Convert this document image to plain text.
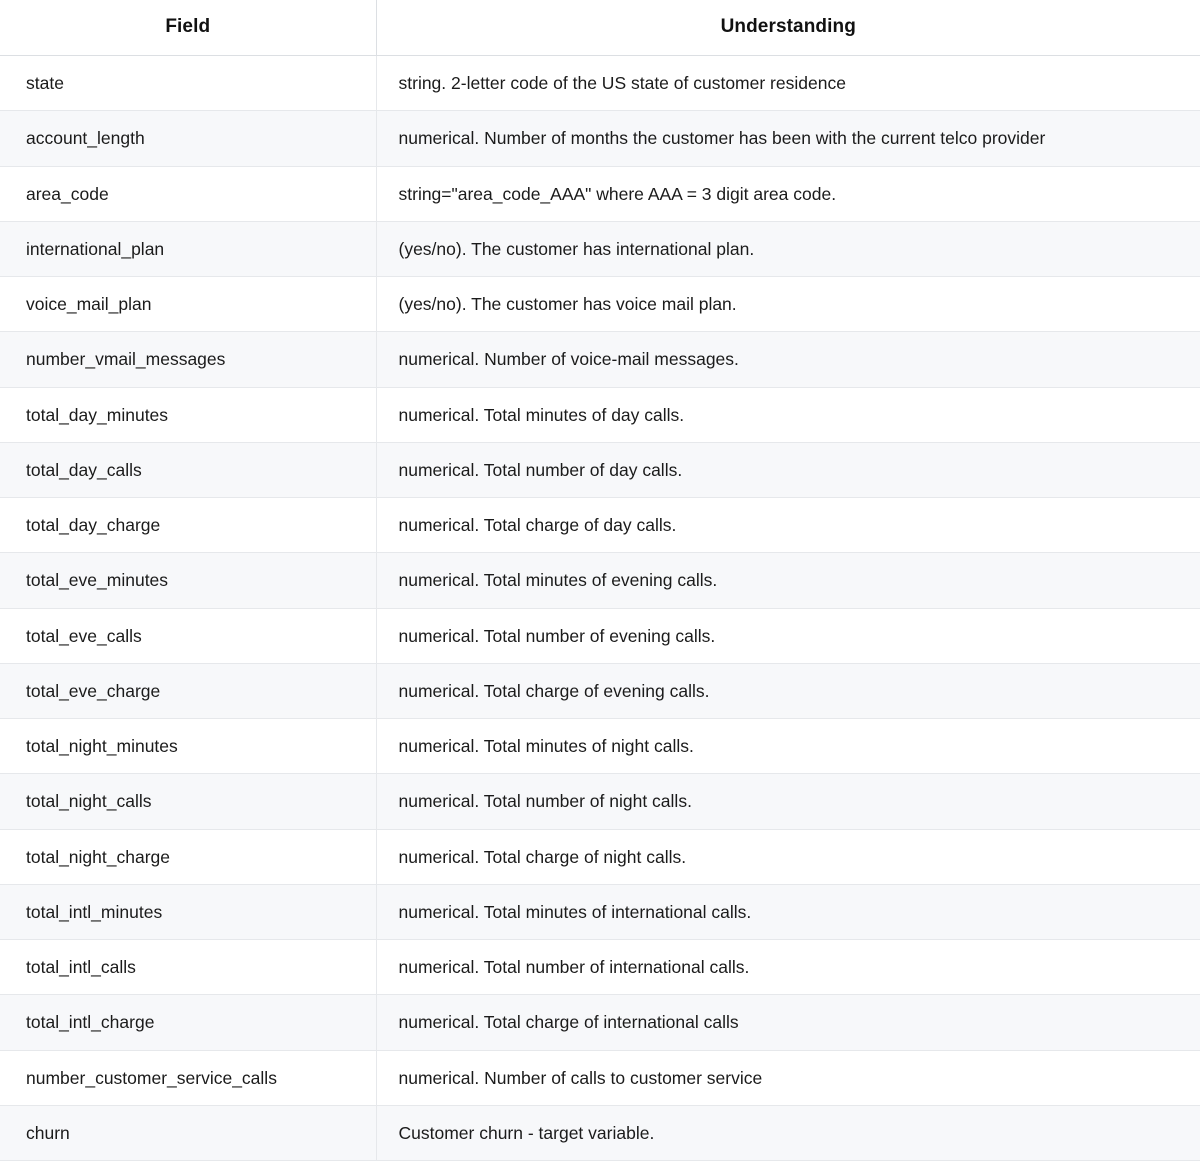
Field	Understanding
state	string. 2-letter code of the US state of customer residence
account_length	numerical. Number of months the customer has been with the current telco provider
area_code	string="area_code_AAA" where AAA = 3 digit area code.
international_plan	(yes/no). The customer has international plan.
voice_mail_plan	(yes/no). The customer has voice mail plan.
number_vmail_messages	numerical. Number of voice-mail messages.
total_day_minutes	numerical. Total minutes of day calls.
total_day_calls	numerical. Total number of day calls.
total_day_charge	numerical. Total charge of day calls.
total_eve_minutes	numerical. Total minutes of evening calls.
total_eve_calls	numerical. Total number of evening calls.
total_eve_charge	numerical. Total charge of evening calls.
total_night_minutes	numerical. Total minutes of night calls.
total_night_calls	numerical. Total number of night calls.
total_night_charge	numerical. Total charge of night calls.
total_intl_minutes	numerical. Total minutes of international calls.
total_intl_calls	numerical. Total number of international calls.
total_intl_charge	numerical. Total charge of international calls
number_customer_service_calls	numerical. Number of calls to customer service
churn	Customer churn - target variable.
